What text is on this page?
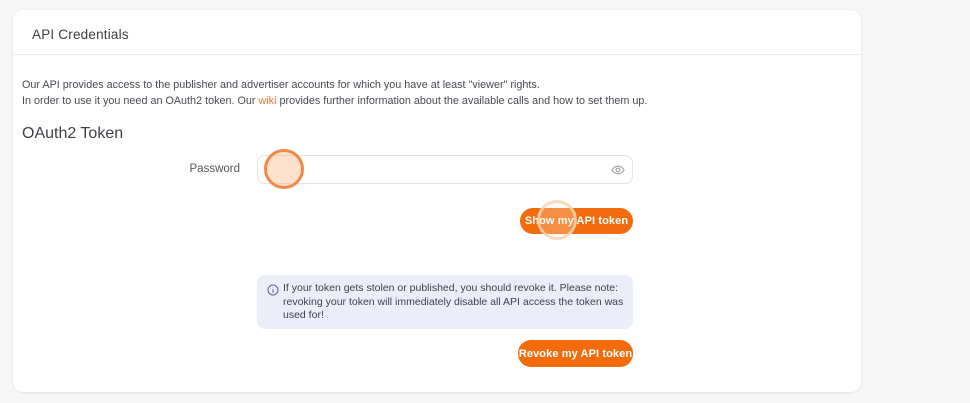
API Credentials

Our API provides access to the publisher and advertiser accounts for which you have at least "viewer" rights.

In order to use it you need an OAuth2 token. Our wiki provides further information about the available calls and how to set them up.

OAuth2 Token
Password
Show my API token

If your token gets stolen or published, you should revoke it. Please note: revoking your token will immediately disable all API access the token was used for!

Revoke my API token
